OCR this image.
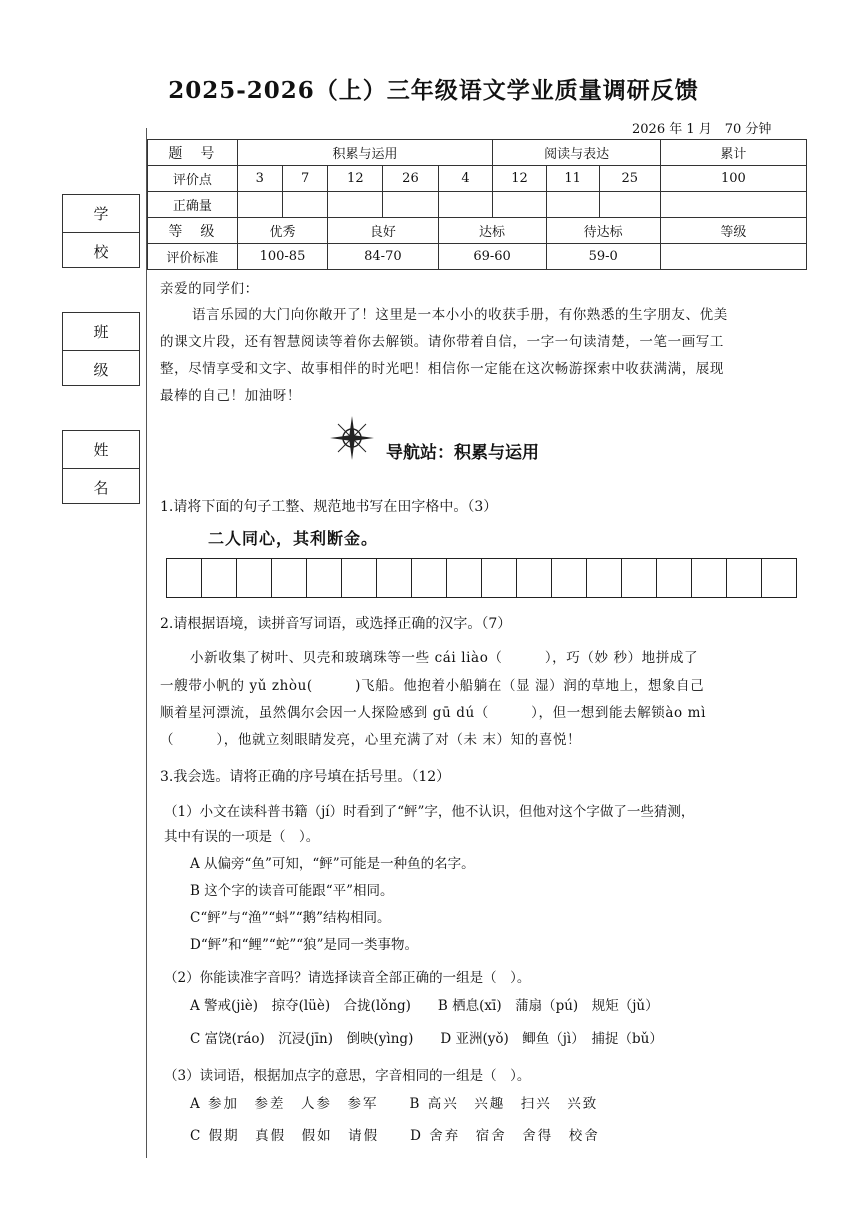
2025-2026（上）三年级语文学业质量调研反馈
2026 年 1 月　70 分钟
学 校
班 级
姓 名
题　号	积累与运用					阅读与表达			累计
评价点	3	7	12	26	4	12	11	25	100
正确量									
等　级	优秀		良好		达标		待达标		等级
评价标准	100-85		84-70		69-60		59-0		
亲爱的同学们：
语言乐园的大门向你敞开了！这里是一本小小的收获手册，有你熟悉的生字朋友、优美
的课文片段，还有智慧阅读等着你去解锁。请你带着自信，一字一句读清楚，一笔一画写工
整，尽情享受和文字、故事相伴的时光吧！相信你一定能在这次畅游探索中收获满满，展现
最棒的自己！加油呀！
导航站：积累与运用
1.请将下面的句子工整、规范地书写在田字格中。（3）
二人同心，其利断金。
2.请根据语境，读拼音写词语，或选择正确的汉字。（7）
小新收集了树叶、贝壳和玻璃珠等一些 cái liào（　　　），巧（妙 秒）地拼成了
一艘带小帆的 yǔ zhòu(　　　)飞船。他抱着小船躺在（显 湿）润的草地上，想象自己
顺着星河漂流，虽然偶尔会因一人探险感到 gū dú（　　　），但一想到能去解锁ào mì
（　　　），他就立刻眼睛发亮，心里充满了对（未 末）知的喜悦！
3.我会选。请将正确的序号填在括号里。（12）
（1）小文在读科普书籍（jí）时看到了“鲆”字，他不认识，但他对这个字做了一些猜测，
其中有误的一项是（　）。
A 从偏旁“鱼”可知，“鲆”可能是一种鱼的名字。
B 这个字的读音可能跟“平”相同。
C“鲆”与“渔”“蚪”“鹅”结构相同。
D“鲆”和“鲤”“蛇”“狼”是同一类事物。
（2）你能读准字音吗？请选择读音全部正确的一组是（　）。
A 警戒(jiè)　掠夺(lüè)　合拢(lǒng)　　B 栖息(xī)　蒲扇（pú)　规矩（jǔ）
C 富饶(ráo)　沉浸(jīn)　倒映(yìng)　　D 亚洲(yǒ)　鲫鱼（jì）　捕捉（bǔ）
（3）读词语，根据加点字的意思，字音相同的一组是（　）。
A 参加　参差　人参　参军　　B 高兴　兴趣　扫兴　兴致
C 假期　真假　假如　请假　　D 舍弃　宿舍　舍得　校舍
